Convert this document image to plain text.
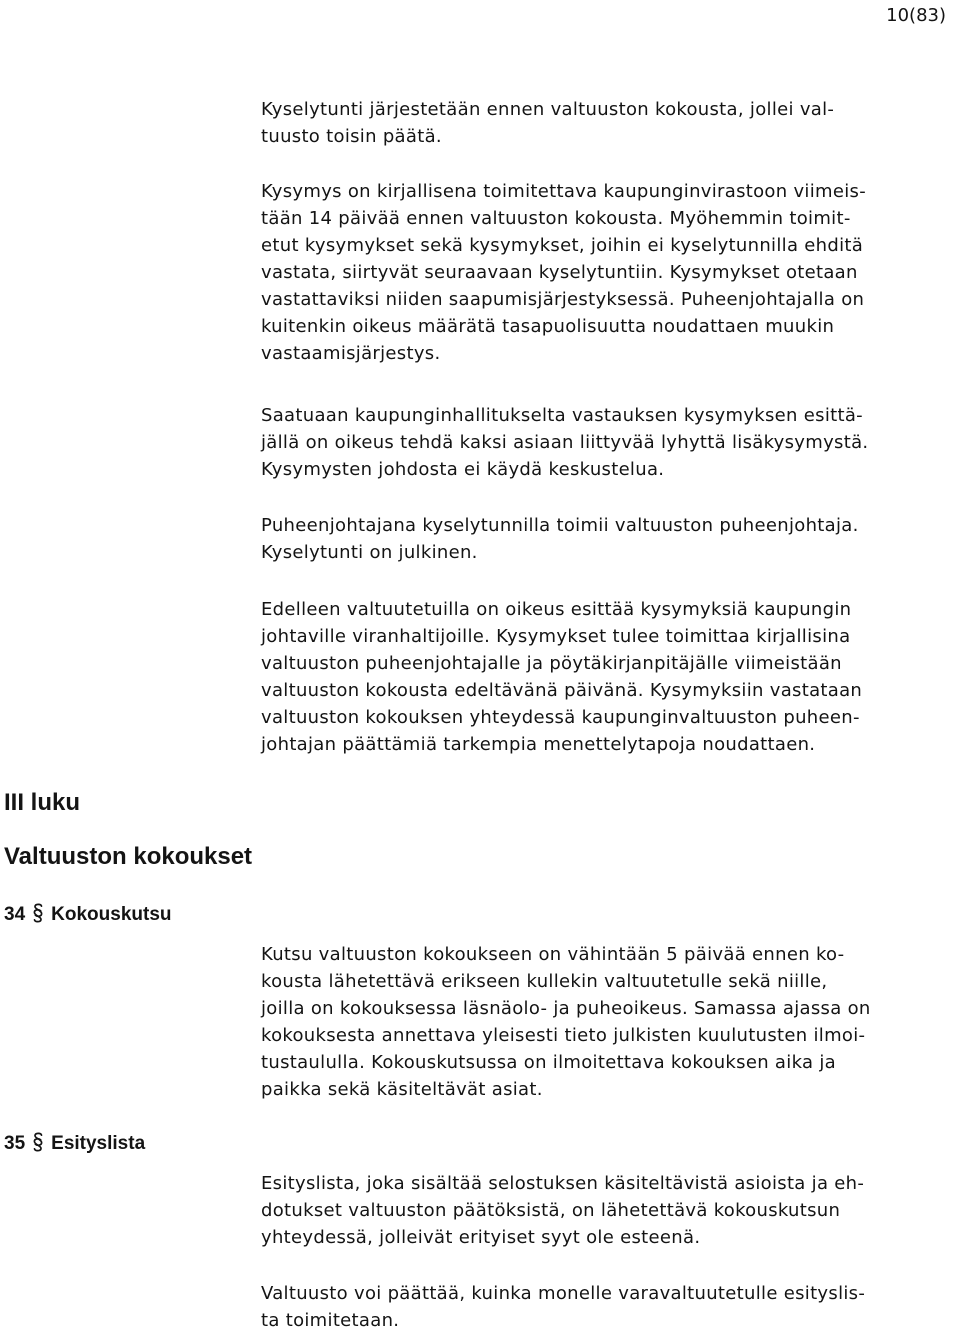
10(83)

Kyselytunti järjestetään ennen valtuuston kokousta, jollei val-
tuusto toisin päätä.

Kysymys on kirjallisena toimitettava kaupunginvirastoon viimeis-
tään 14 päivää ennen valtuuston kokousta. Myöhemmin toimit-
etut kysymykset sekä kysymykset, joihin ei kyselytunnilla ehditä
vastata, siirtyvät seuraavaan kyselytuntiin. Kysymykset otetaan
vastattaviksi niiden saapumisjärjestyksessä. Puheenjohtajalla on
kuitenkin oikeus määrätä tasapuolisuutta noudattaen muukin
vastaamisjärjestys.

Saatuaan kaupunginhallitukselta vastauksen kysymyksen esittä-
jällä on oikeus tehdä kaksi asiaan liittyvää lyhyttä lisäkysymystä.
Kysymysten johdosta ei käydä keskustelua.

Puheenjohtajana kyselytunnilla toimii valtuuston puheenjohtaja.
Kyselytunti on julkinen.

Edelleen valtuutetuilla on oikeus esittää kysymyksiä kaupungin
johtaville viranhaltijoille. Kysymykset tulee toimittaa kirjallisina
valtuuston puheenjohtajalle ja pöytäkirjanpitäjälle viimeistään
valtuuston kokousta edeltävänä päivänä. Kysymyksiin vastataan
valtuuston kokouksen yhteydessä kaupunginvaltuuston puheen-
johtajan päättämiä tarkempia menettelytapoja noudattaen.

III luku
Valtuuston kokoukset
34 Kokouskutsu

Kutsu valtuuston kokoukseen on vähintään 5 päivää ennen ko-
kousta lähetettävä erikseen kullekin valtuutetulle sekä niille,
joilla on kokouksessa läsnäolo- ja puheoikeus. Samassa ajassa on
kokouksesta annettava yleisesti tieto julkisten kuulutusten ilmoi-
tustaululla. Kokouskutsussa on ilmoitettava kokouksen aika ja
paikka sekä käsiteltävät asiat.

35 Esityslista

Esityslista, joka sisältää selostuksen käsiteltävistä asioista ja eh-
dotukset valtuuston päätöksistä, on lähetettävä kokouskutsun
yhteydessä, jolleivät erityiset syyt ole esteenä.

Valtuusto voi päättää, kuinka monelle varavaltuutetulle esityslis-
ta toimitetaan.
